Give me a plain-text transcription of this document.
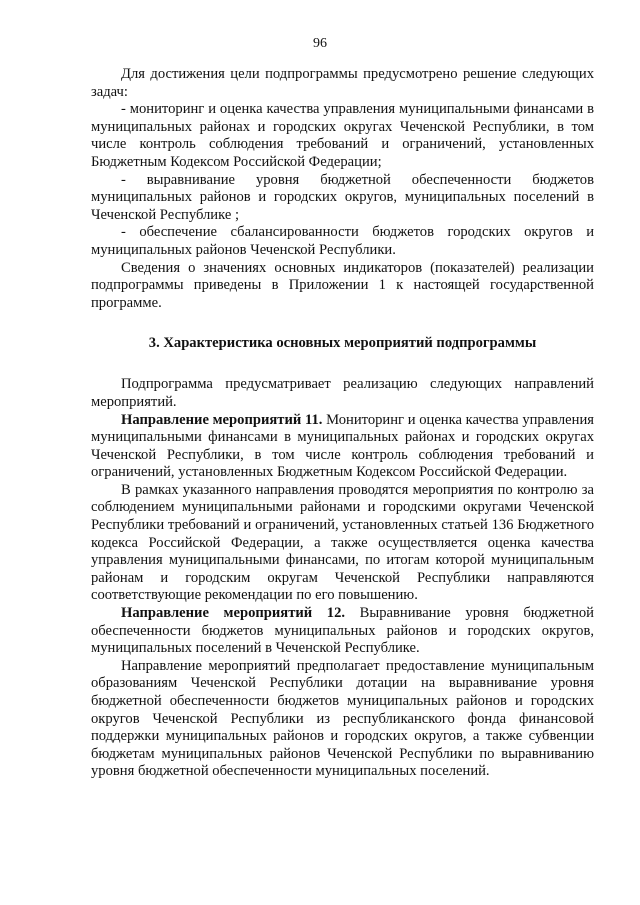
96

Для достижения цели подпрограммы предусмотрено решение следующих задач:

- мониторинг и оценка качества управления муниципальными финансами в муниципальных районах и городских округах Чеченской Республики, в том числе контроль соблюдения требований и ограничений, установленных Бюджетным Кодексом Российской Федерации;

- выравнивание уровня бюджетной обеспеченности бюджетов муниципальных районов и городских округов, муниципальных поселений в Чеченской Республике ;

- обеспечение сбалансированности бюджетов городских округов и муниципальных районов Чеченской Республики.

Сведения о значениях основных индикаторов (показателей) реализации подпрограммы приведены в Приложении 1 к настоящей государственной программе.

3. Характеристика основных мероприятий подпрограммы

Подпрограмма предусматривает реализацию следующих направлений мероприятий.

Направление мероприятий 11. Мониторинг и оценка качества управления муниципальными финансами в муниципальных районах и городских округах Чеченской Республики, в том числе контроль соблюдения требований и ограничений, установленных Бюджетным Кодексом Российской Федерации.

В рамках указанного направления проводятся мероприятия по контролю за соблюдением муниципальными районами и городскими округами Чеченской Республики требований и ограничений, установленных статьей 136 Бюджетного кодекса Российской Федерации, а также осуществляется оценка качества управления муниципальными финансами, по итогам которой муниципальным районам и городским округам Чеченской Республики направляются соответствующие рекомендации по его повышению.

Направление мероприятий 12. Выравнивание уровня бюджетной обеспеченности бюджетов муниципальных районов и городских округов, муниципальных поселений в Чеченской Республике.

Направление мероприятий предполагает предоставление муниципальным образованиям Чеченской Республики дотации на выравнивание уровня бюджетной обеспеченности бюджетов муниципальных районов и городских округов Чеченской Республики из республиканского фонда финансовой поддержки муниципальных районов и городских округов, а также субвенции бюджетам муниципальных районов Чеченской Республики по выравниванию уровня бюджетной обеспеченности муниципальных поселений.
